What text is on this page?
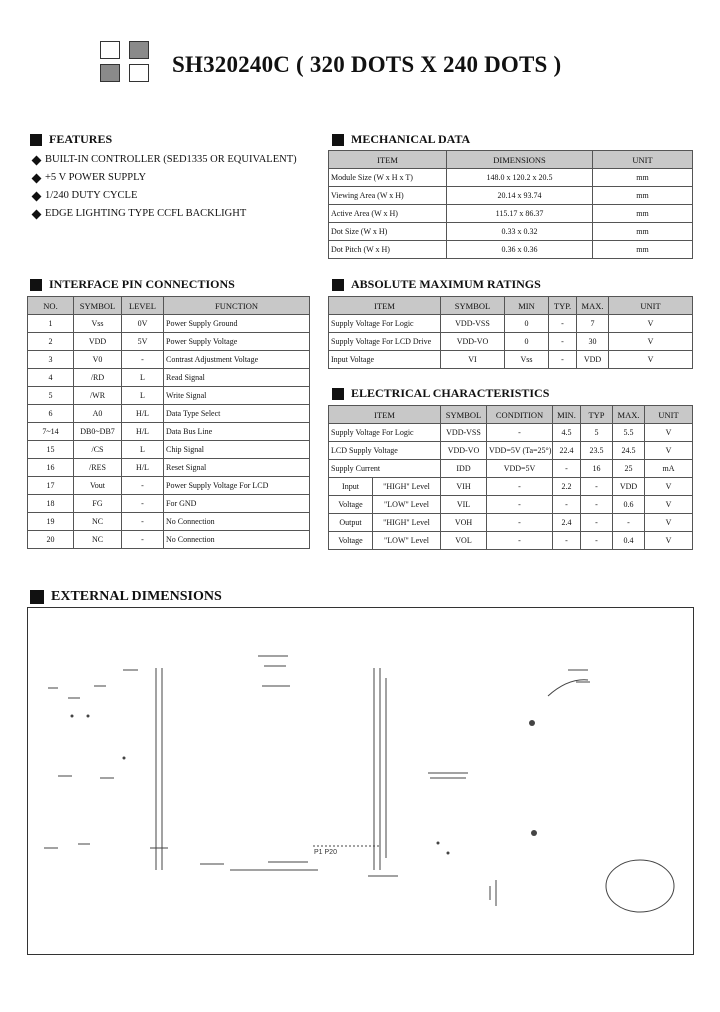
SH320240C ( 320 DOTS X 240 DOTS )
FEATURES
BUILT-IN CONTROLLER (SED1335 OR EQUIVALENT)
+5 V POWER SUPPLY
1/240 DUTY CYCLE
EDGE LIGHTING TYPE CCFL BACKLIGHT
MECHANICAL DATA
ITEM	DIMENSIONS	UNIT
Module Size (W x H x T)	148.0 x 120.2 x 20.5	mm
Viewing Area (W x H)	20.14 x 93.74	mm
Active Area (W x H)	115.17 x 86.37	mm
Dot Size (W x H)	0.33 x 0.32	mm
Dot Pitch (W x H)	0.36 x 0.36	mm
INTERFACE PIN CONNECTIONS
NO.	SYMBOL	LEVEL	FUNCTION
1	Vss	0V	Power Supply Ground
2	VDD	5V	Power Supply Voltage
3	V0	-	Contrast Adjustment Voltage
4	/RD	L	Read Signal
5	/WR	L	Write Signal
6	A0	H/L	Data Type Select
7~14	DB0~DB7	H/L	Data Bus Line
15	/CS	L	Chip Signal
16	/RES	H/L	Reset Signal
17	Vout	-	Power Supply Voltage For LCD
18	FG	-	For GND
19	NC	-	No Connection
20	NC	-	No Connection
ABSOLUTE MAXIMUM RATINGS
ITEM	SYMBOL	MIN	TYP.	MAX.	UNIT
Supply Voltage For Logic	VDD-VSS	0	-	7	V
Supply Voltage For LCD Drive	VDD-VO	0	-	30	V
Input Voltage	VI	Vss	-	VDD	V
ELECTRICAL CHARACTERISTICS
ITEM		SYMBOL	CONDITION	MIN.	TYP	MAX.	UNIT
Supply Voltage For Logic		VDD-VSS	-	4.5	5	5.5	V
LCD Supply Voltage		VDD-VO	VDD=5V (Ta=25°)	22.4	23.5	24.5	V
Supply Current		IDD	VDD=5V	-	16	25	mA
Input	"HIGH" Level	VIH	-	2.2	-	VDD	V
Voltage	"LOW" Level	VIL	-	-	-	0.6	V
Output	"HIGH" Level	VOH	-	2.4	-	-	V
Voltage	"LOW" Level	VOL	-	-	-	0.4	V
EXTERNAL DIMENSIONS
P1 P20
